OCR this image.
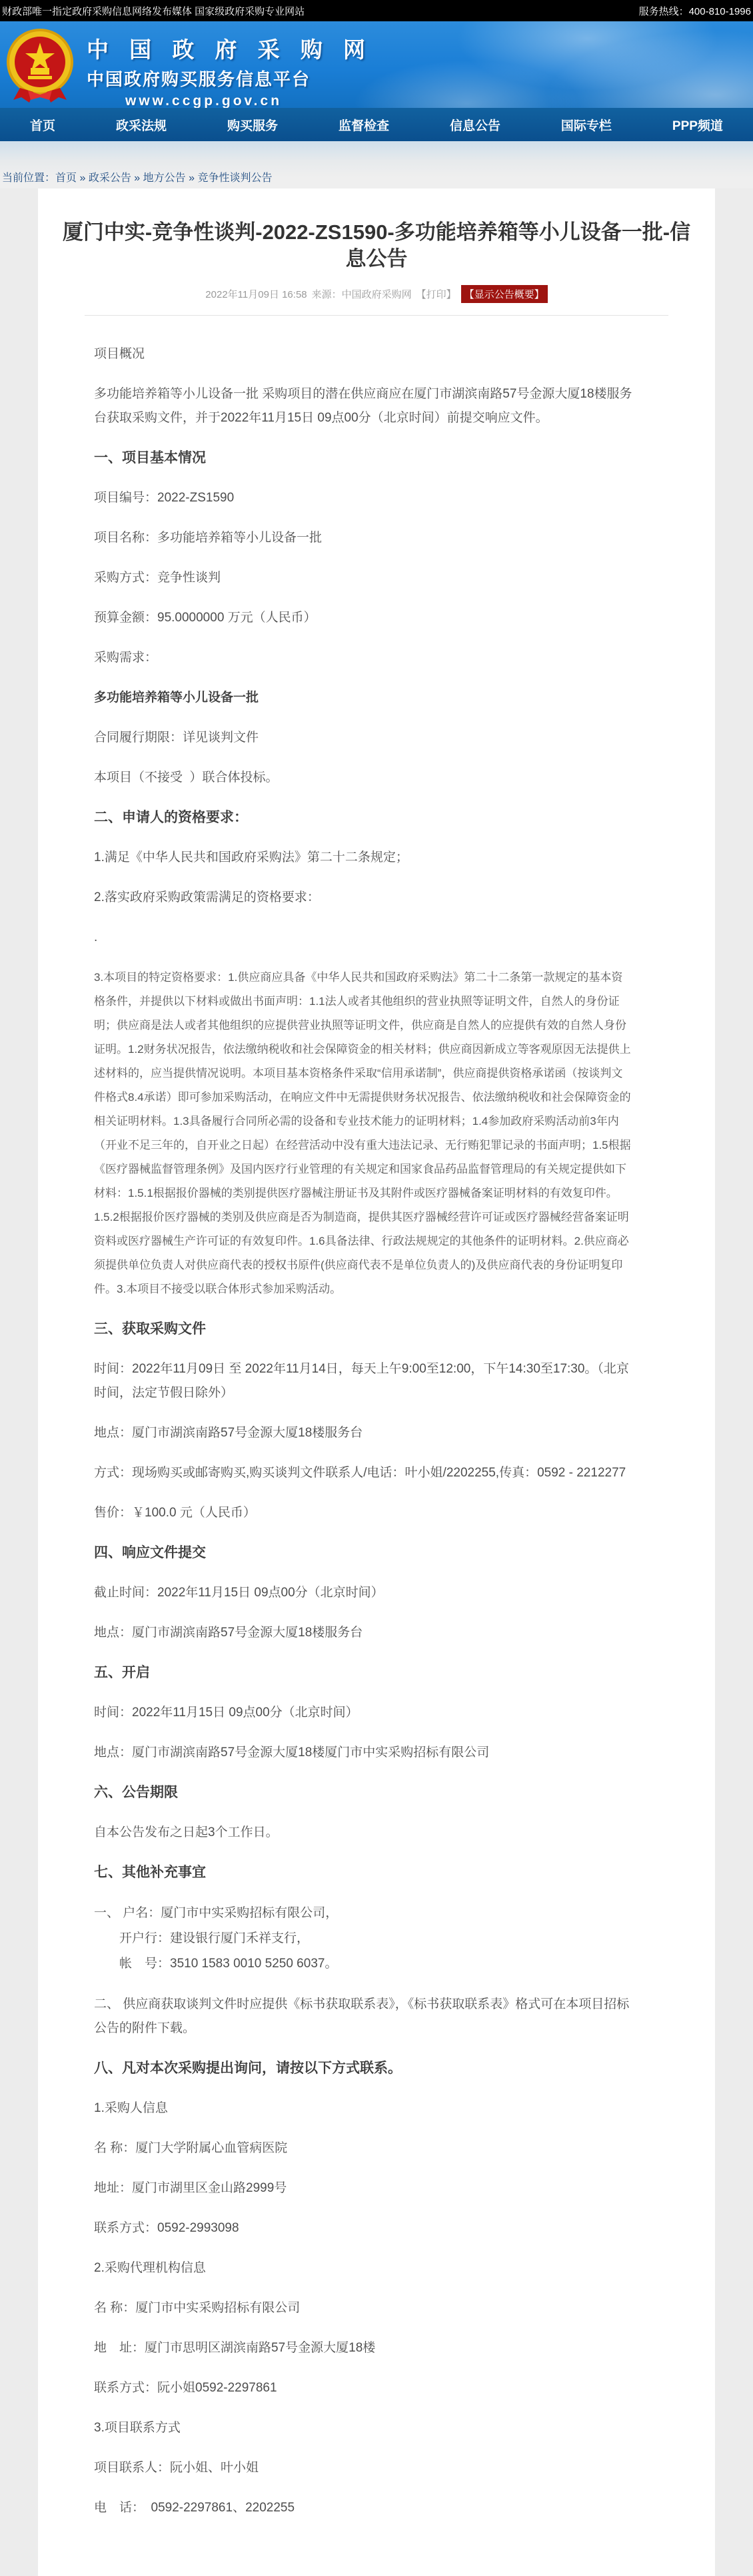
财政部唯一指定政府采购信息网络发布媒体 国家级政府采购专业网站	服务热线：400-810-1996
中 国 政 府 采 购 网
中国政府购买服务信息平台
www.ccgp.gov.cn
首页	政采法规	购买服务	监督检查	信息公告	国际专栏	PPP频道
当前位置：首页 » 政采公告 » 地方公告 » 竞争性谈判公告
厦门中实-竞争性谈判-2022-ZS1590-多功能培养箱等小儿设备一批-信息公告
2022年11月09日 16:58 来源：中国政府采购网 【打印】 【显示公告概要】

项目概况

多功能培养箱等小儿设备一批 采购项目的潜在供应商应在厦门市湖滨南路57号金源大厦18楼服务台获取采购文件，并于2022年11月15日 09点00分（北京时间）前提交响应文件。

一、项目基本情况

项目编号：2022-ZS1590

项目名称：多功能培养箱等小儿设备一批

采购方式：竞争性谈判

预算金额：95.0000000 万元（人民币）

采购需求：

多功能培养箱等小儿设备一批

合同履行期限：详见谈判文件

本项目（不接受  ）联合体投标。

二、申请人的资格要求：

1.满足《中华人民共和国政府采购法》第二十二条规定；

2.落实政府采购政策需满足的资格要求：

.

3.本项目的特定资格要求：1.供应商应具备《中华人民共和国政府采购法》第二十二条第一款规定的基本资格条件，并提供以下材料或做出书面声明：1.1法人或者其他组织的营业执照等证明文件，自然人的身份证明；供应商是法人或者其他组织的应提供营业执照等证明文件，供应商是自然人的应提供有效的自然人身份证明。1.2财务状况报告，依法缴纳税收和社会保障资金的相关材料；供应商因新成立等客观原因无法提供上述材料的，应当提供情况说明。本项目基本资格条件采取“信用承诺制”，供应商提供资格承诺函（按谈判文件格式8.4承诺）即可参加采购活动，在响应文件中无需提供财务状况报告、依法缴纳税收和社会保障资金的相关证明材料。1.3具备履行合同所必需的设备和专业技术能力的证明材料；1.4参加政府采购活动前3年内（开业不足三年的，自开业之日起）在经营活动中没有重大违法记录、无行贿犯罪记录的书面声明；1.5根据《医疗器械监督管理条例》及国内医疗行业管理的有关规定和国家食品药品监督管理局的有关规定提供如下材料：1.5.1根据报价器械的类别提供医疗器械注册证书及其附件或医疗器械备案证明材料的有效复印件。 1.5.2根据报价医疗器械的类别及供应商是否为制造商，提供其医疗器械经营许可证或医疗器械经营备案证明资料或医疗器械生产许可证的有效复印件。1.6具备法律、行政法规规定的其他条件的证明材料。2.供应商必须提供单位负责人对供应商代表的授权书原件(供应商代表不是单位负责人的)及供应商代表的身份证明复印件。3.本项目不接受以联合体形式参加采购活动。

三、获取采购文件

时间：2022年11月09日 至 2022年11月14日，每天上午9:00至12:00，下午14:30至17:30。（北京时间，法定节假日除外）

地点：厦门市湖滨南路57号金源大厦18楼服务台

方式：现场购买或邮寄购买,购买谈判文件联系人/电话：叶小姐/2202255,传真：0592 - 2212277

售价：￥100.0 元（人民币）

四、响应文件提交

截止时间：2022年11月15日 09点00分（北京时间）

地点：厦门市湖滨南路57号金源大厦18楼服务台

五、开启

时间：2022年11月15日 09点00分（北京时间）

地点：厦门市湖滨南路57号金源大厦18楼厦门市中实采购招标有限公司

六、公告期限

自本公告发布之日起3个工作日。

七、其他补充事宜

一、 户名：厦门市中实采购招标有限公司，
　　开户行：建设银行厦门禾祥支行，
　　帐　号：3510 1583 0010 5250 6037。

二、 供应商获取谈判文件时应提供《标书获取联系表》，《标书获取联系表》格式可在本项目招标公告的附件下载。

八、凡对本次采购提出询问，请按以下方式联系。

1.采购人信息

名 称：厦门大学附属心血管病医院

地址：厦门市湖里区金山路2999号

联系方式：0592-2993098

2.采购代理机构信息

名 称：厦门市中实采购招标有限公司

地　址：厦门市思明区湖滨南路57号金源大厦18楼

联系方式：阮小姐0592-2297861

3.项目联系方式

项目联系人：阮小姐、叶小姐

电　话：　0592-2297861、2202255
